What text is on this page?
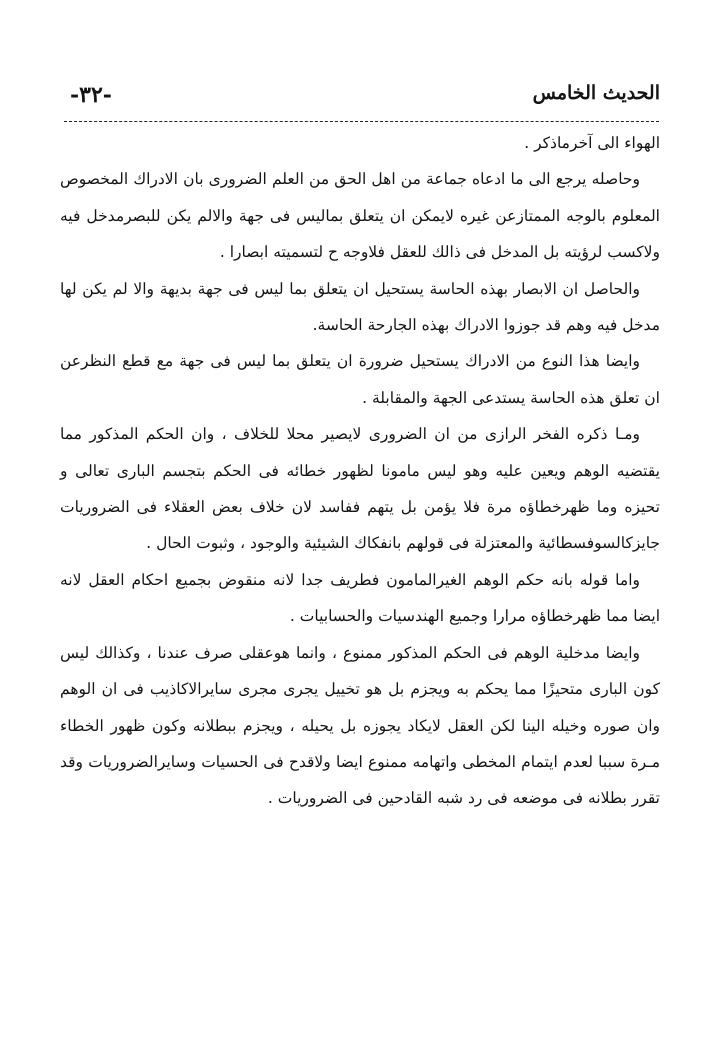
-٣٢-	الحديث الخامس

الهواء الى آخرماذكر .

وحاصله يرجع الى ما ادعاه جماعة من اهل الحق من العلم الضرورى بان الادراك المخصوص المعلوم بالوجه الممتازعن غيره لايمكن ان يتعلق بماليس فى جهة والالم يكن للبصرمدخل فيه ولاكسب لرؤيته بل المدخل فى ذالك للعقل فلاوجه ح لتسميته ابصارا .

والحاصل ان الابصار بهذه الحاسة يستحيل ان يتعلق بما ليس فى جهة بديهة والا لم يكن لها مدخل فيه وهم قد جوزوا الادراك بهذه الجارحة الحاسة.

وايضا هذا النوع من الادراك يستحيل ضرورة ان يتعلق بما ليس فى جهة مع قطع النظرعن ان تعلق هذه الحاسة يستدعى الجهة والمقابلة .

ومـا ذكره الفخر الرازى من ان الضرورى لايصير محلا للخلاف ، وان الحكم المذكور مما يقتضيه الوهم ويعين عليه وهو ليس مامونا لظهور خطائه فى الحكم بتجسم البارى تعالى و تحيزه وما ظهرخطاؤه مرة فلا يؤمن بل يتهم ففاسد لان خلاف بعض العقلاء فى الضروريات جايزكالسوفسطائية والمعتزلة فى قولهم بانفكاك الشيئية والوجود ، وثبوت الحال .

واما قوله بانه حكم الوهم الغيرالمامون فطريف جدا لانه منقوض بجميع احكام العقل لانه ايضا مما ظهرخطاؤه مرارا وجميع الهندسيات والحسابيات .

وايضا مدخلية الوهم فى الحكم المذكور ممنوع ، وانما هوعقلى صرف عندنا ، وكذالك ليس كون البارى متحيزًا مما يحكم به ويجزم بل هو تخييل يجرى مجرى سايرالاكاذيب فى ان الوهم وان صوره وخيله الينا لكن العقل لايكاد يجوزه بل يحيله ، ويجزم ببطلانه وكون ظهور الخطاء مـرة سببا لعدم ايتمام المخطى واتهامه ممنوع ايضا ولاقدح فى الحسيات وسايرالضروريات وقد تقرر بطلانه فى موضعه فى رد شبه القادحين فى الضروريات .
